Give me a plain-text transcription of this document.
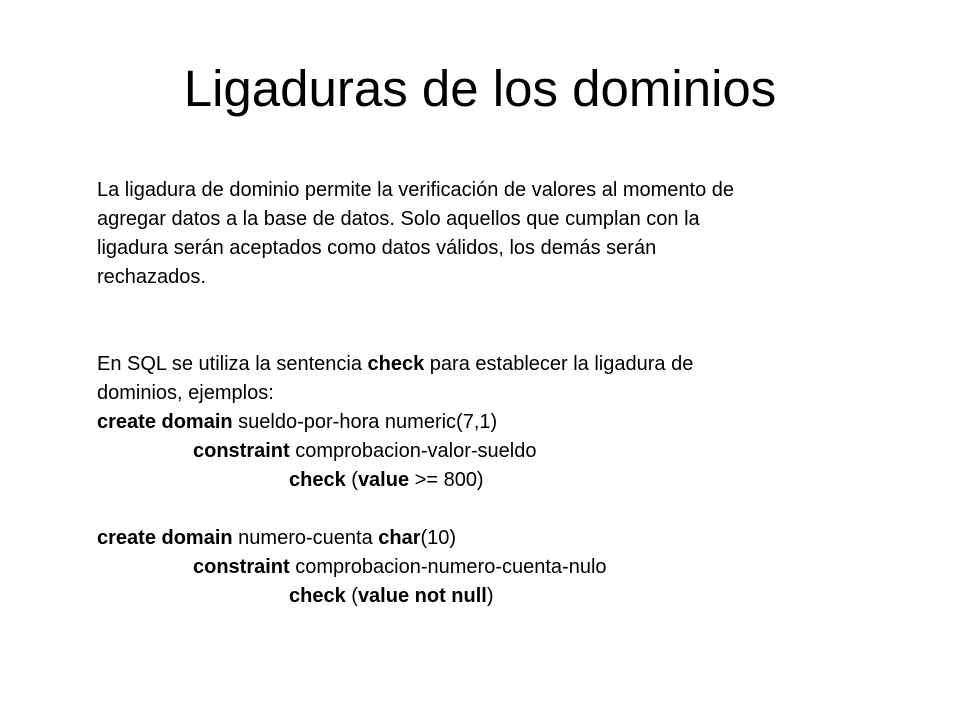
Ligaduras de los dominios
La ligadura de dominio permite la verificación de valores al momento de
agregar datos a la base de datos. Solo aquellos que cumplan con la
ligadura serán aceptados como datos válidos, los demás serán
rechazados.
En SQL se utiliza la sentencia check para establecer la ligadura de
dominios, ejemplos:
create domain sueldo-por-hora numeric(7,1)
constraint comprobacion-valor-sueldo
check (value >= 800)
create domain numero-cuenta char(10)
constraint comprobacion-numero-cuenta-nulo
check (value not null)
